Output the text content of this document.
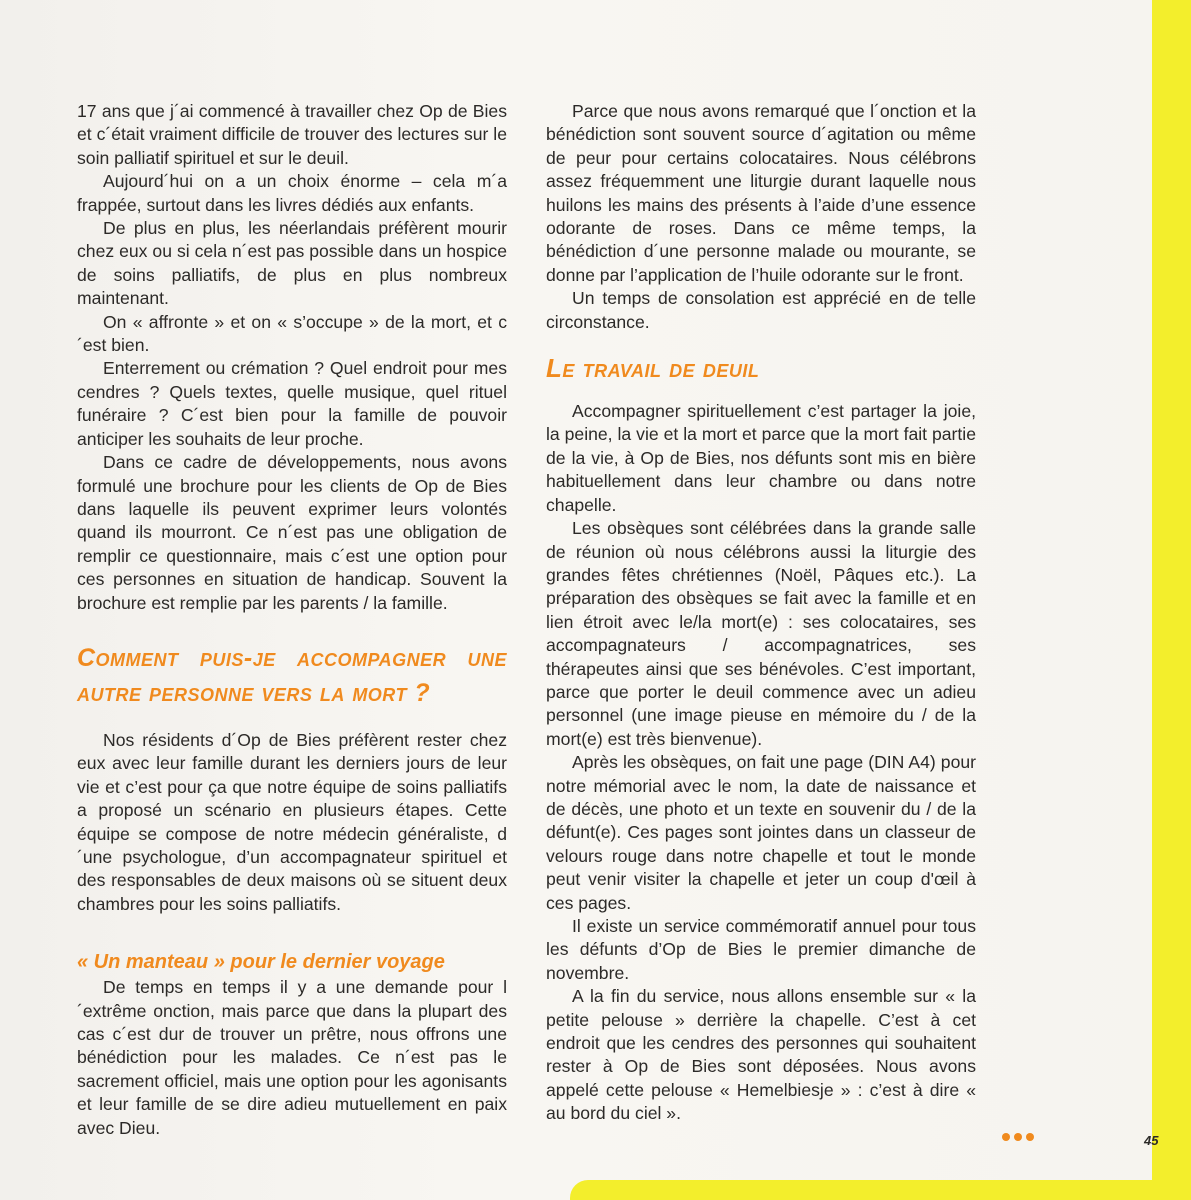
17 ans que j´ai commencé à travailler chez Op de Bies et c´était vraiment difficile de trouver des lectures sur le soin palliatif spirituel et sur le deuil.

Aujourd´hui on a un choix énorme – cela m´a frappée, surtout dans les livres dédiés aux enfants.

De plus en plus, les néerlandais préfèrent mourir chez eux ou si cela n´est pas possible dans un hospice de soins palliatifs, de plus en plus nombreux maintenant.

On « affronte » et on « s’occupe » de la mort, et c´est bien.

Enterrement ou crémation ? Quel endroit pour mes cendres ? Quels textes, quelle musique, quel rituel funéraire ? C´est bien pour la famille de pouvoir anticiper les souhaits de leur proche.

Dans ce cadre de développements, nous avons formulé une brochure pour les clients de Op de Bies dans laquelle ils peuvent exprimer leurs volontés quand ils mourront. Ce n´est pas une obligation de remplir ce questionnaire, mais c´est une option pour ces personnes en situation de handicap. Souvent la brochure est remplie par les parents / la famille.

Comment puis-je accompagner une autre personne vers la mort ?

Nos résidents d´Op de Bies préfèrent rester chez eux avec leur famille durant les derniers jours de leur vie et c’est pour ça que notre équipe de soins palliatifs a proposé un scénario en plusieurs étapes. Cette équipe se compose de notre médecin généraliste, d´une psychologue, d’un accompagnateur spirituel et des responsables de deux maisons où se situent deux chambres pour les soins palliatifs.

« Un manteau » pour le dernier voyage

De temps en temps il y a une demande pour l´extrême onction, mais parce que dans la plupart des cas c´est dur de trouver un prêtre, nous offrons une bénédiction pour les malades. Ce n´est pas le sacrement officiel, mais une option pour les agonisants et leur famille de se dire adieu mutuellement en paix avec Dieu.

Parce que nous avons remarqué que l´onction et la bénédiction sont souvent source d´agitation ou même de peur pour certains colocataires. Nous célébrons assez fréquemment une liturgie durant laquelle nous huilons les mains des présents à l’aide d’une essence odorante de roses. Dans ce même temps, la bénédiction d´une personne malade ou mourante, se donne par l’application de l’huile odorante sur le front.

Un temps de consolation est apprécié en de telle circonstance.

Le travail de deuil

Accompagner spirituellement c’est partager la joie, la peine, la vie et la mort et parce que la mort fait partie de la vie, à Op de Bies, nos défunts sont mis en bière habituellement dans leur chambre ou dans notre chapelle.

Les obsèques sont célébrées dans la grande salle de réunion où nous célébrons aussi la liturgie des grandes fêtes chrétiennes (Noël, Pâques etc.). La préparation des obsèques se fait avec la famille et en lien étroit avec le/la mort(e) : ses colocataires, ses accompagnateurs / accompagnatrices, ses thérapeutes ainsi que ses bénévoles. C’est important, parce que porter le deuil commence avec un adieu personnel (une image pieuse en mémoire du / de la mort(e) est très bienvenue).

Après les obsèques, on fait une page (DIN A4) pour notre mémorial avec le nom, la date de naissance et de décès, une photo et un texte en souvenir du / de la défunt(e). Ces pages sont jointes dans un classeur de velours rouge dans notre chapelle et tout le monde peut venir visiter la chapelle et jeter un coup d'œil à ces pages.

Il existe un service commémoratif annuel pour tous les défunts d’Op de Bies le premier dimanche de novembre.

A la fin du service, nous allons ensemble sur « la petite pelouse » derrière la chapelle. C’est à cet endroit que les cendres des personnes qui souhaitent rester à Op de Bies sont déposées. Nous avons appelé cette pelouse « Hemelbiesje » : c’est à dire « au bord du ciel ».

45
